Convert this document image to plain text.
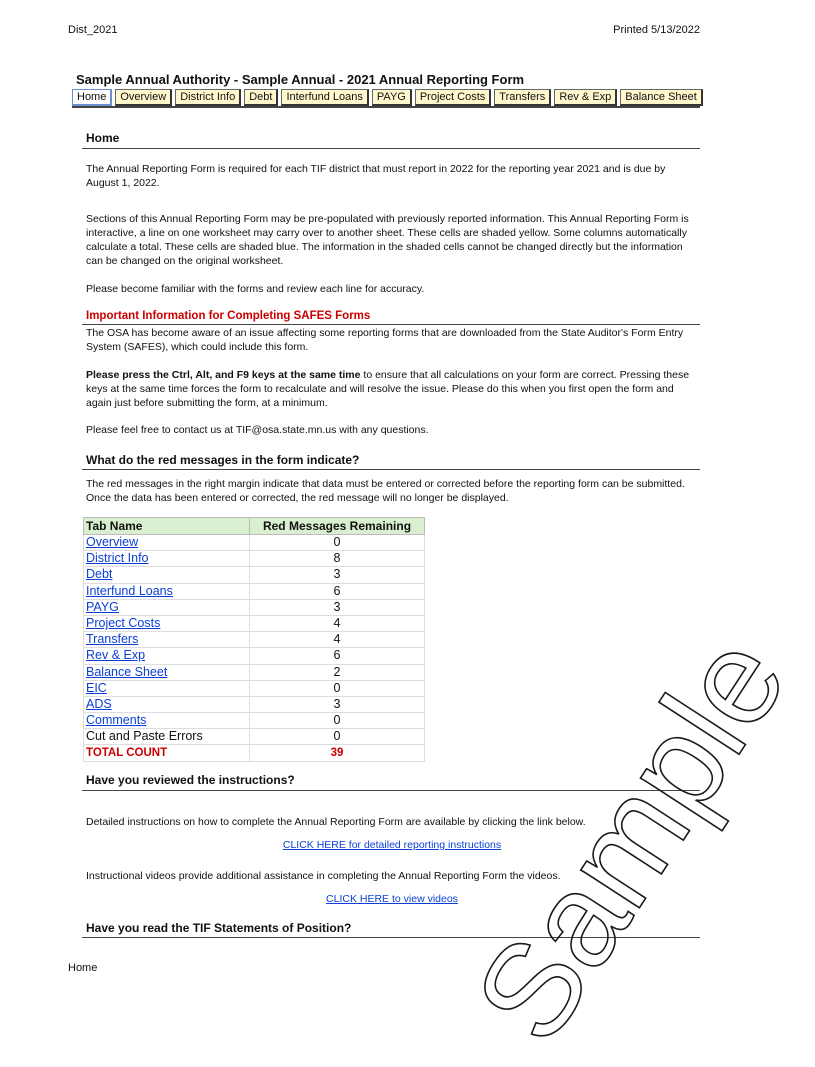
Dist_2021	Printed 5/13/2022
Sample Annual Authority - Sample Annual - 2021 Annual Reporting Form
Home	Overview	District Info	Debt	Interfund Loans	PAYG	Project Costs	Transfers	Rev & Exp	Balance Sheet
Home
The Annual Reporting Form is required for each TIF district that must report in 2022 for the reporting year 2021 and is due by August 1, 2022.
Sections of this Annual Reporting Form may be pre-populated with previously reported information. This Annual Reporting Form is interactive, a line on one worksheet may carry over to another sheet. These cells are shaded yellow. Some columns automatically calculate a total. These cells are shaded blue. The information in the shaded cells cannot be changed directly but the information can be changed on the original worksheet.
Please become familiar with the forms and review each line for accuracy.
Important Information for Completing SAFES Forms
The OSA has become aware of an issue affecting some reporting forms that are downloaded from the State Auditor's Form Entry System (SAFES), which could include this form.
Please press the Ctrl, Alt, and F9 keys at the same time to ensure that all calculations on your form are correct. Pressing these keys at the same time forces the form to recalculate and will resolve the issue. Please do this when you first open the form and again just before submitting the form, at a minimum.
Please feel free to contact us at TIF@osa.state.mn.us with any questions.
What do the red messages in the form indicate?
The red messages in the right margin indicate that data must be entered or corrected before the reporting form can be submitted. Once the data has been entered or corrected, the red message will no longer be displayed.
Tab Name	Red Messages Remaining
Overview	0
District Info	8
Debt	3
Interfund Loans	6
PAYG	3
Project Costs	4
Transfers	4
Rev & Exp	6
Balance Sheet	2
EIC	0
ADS	3
Comments	0
Cut and Paste Errors	0
TOTAL COUNT	39
Have you reviewed the instructions?
Detailed instructions on how to complete the Annual Reporting Form are available by clicking the link below.
CLICK HERE for detailed reporting instructions
Instructional videos provide additional assistance in completing the Annual Reporting Form the videos.
CLICK HERE to view videos
Have you read the TIF Statements of Position?
Home	Sample
